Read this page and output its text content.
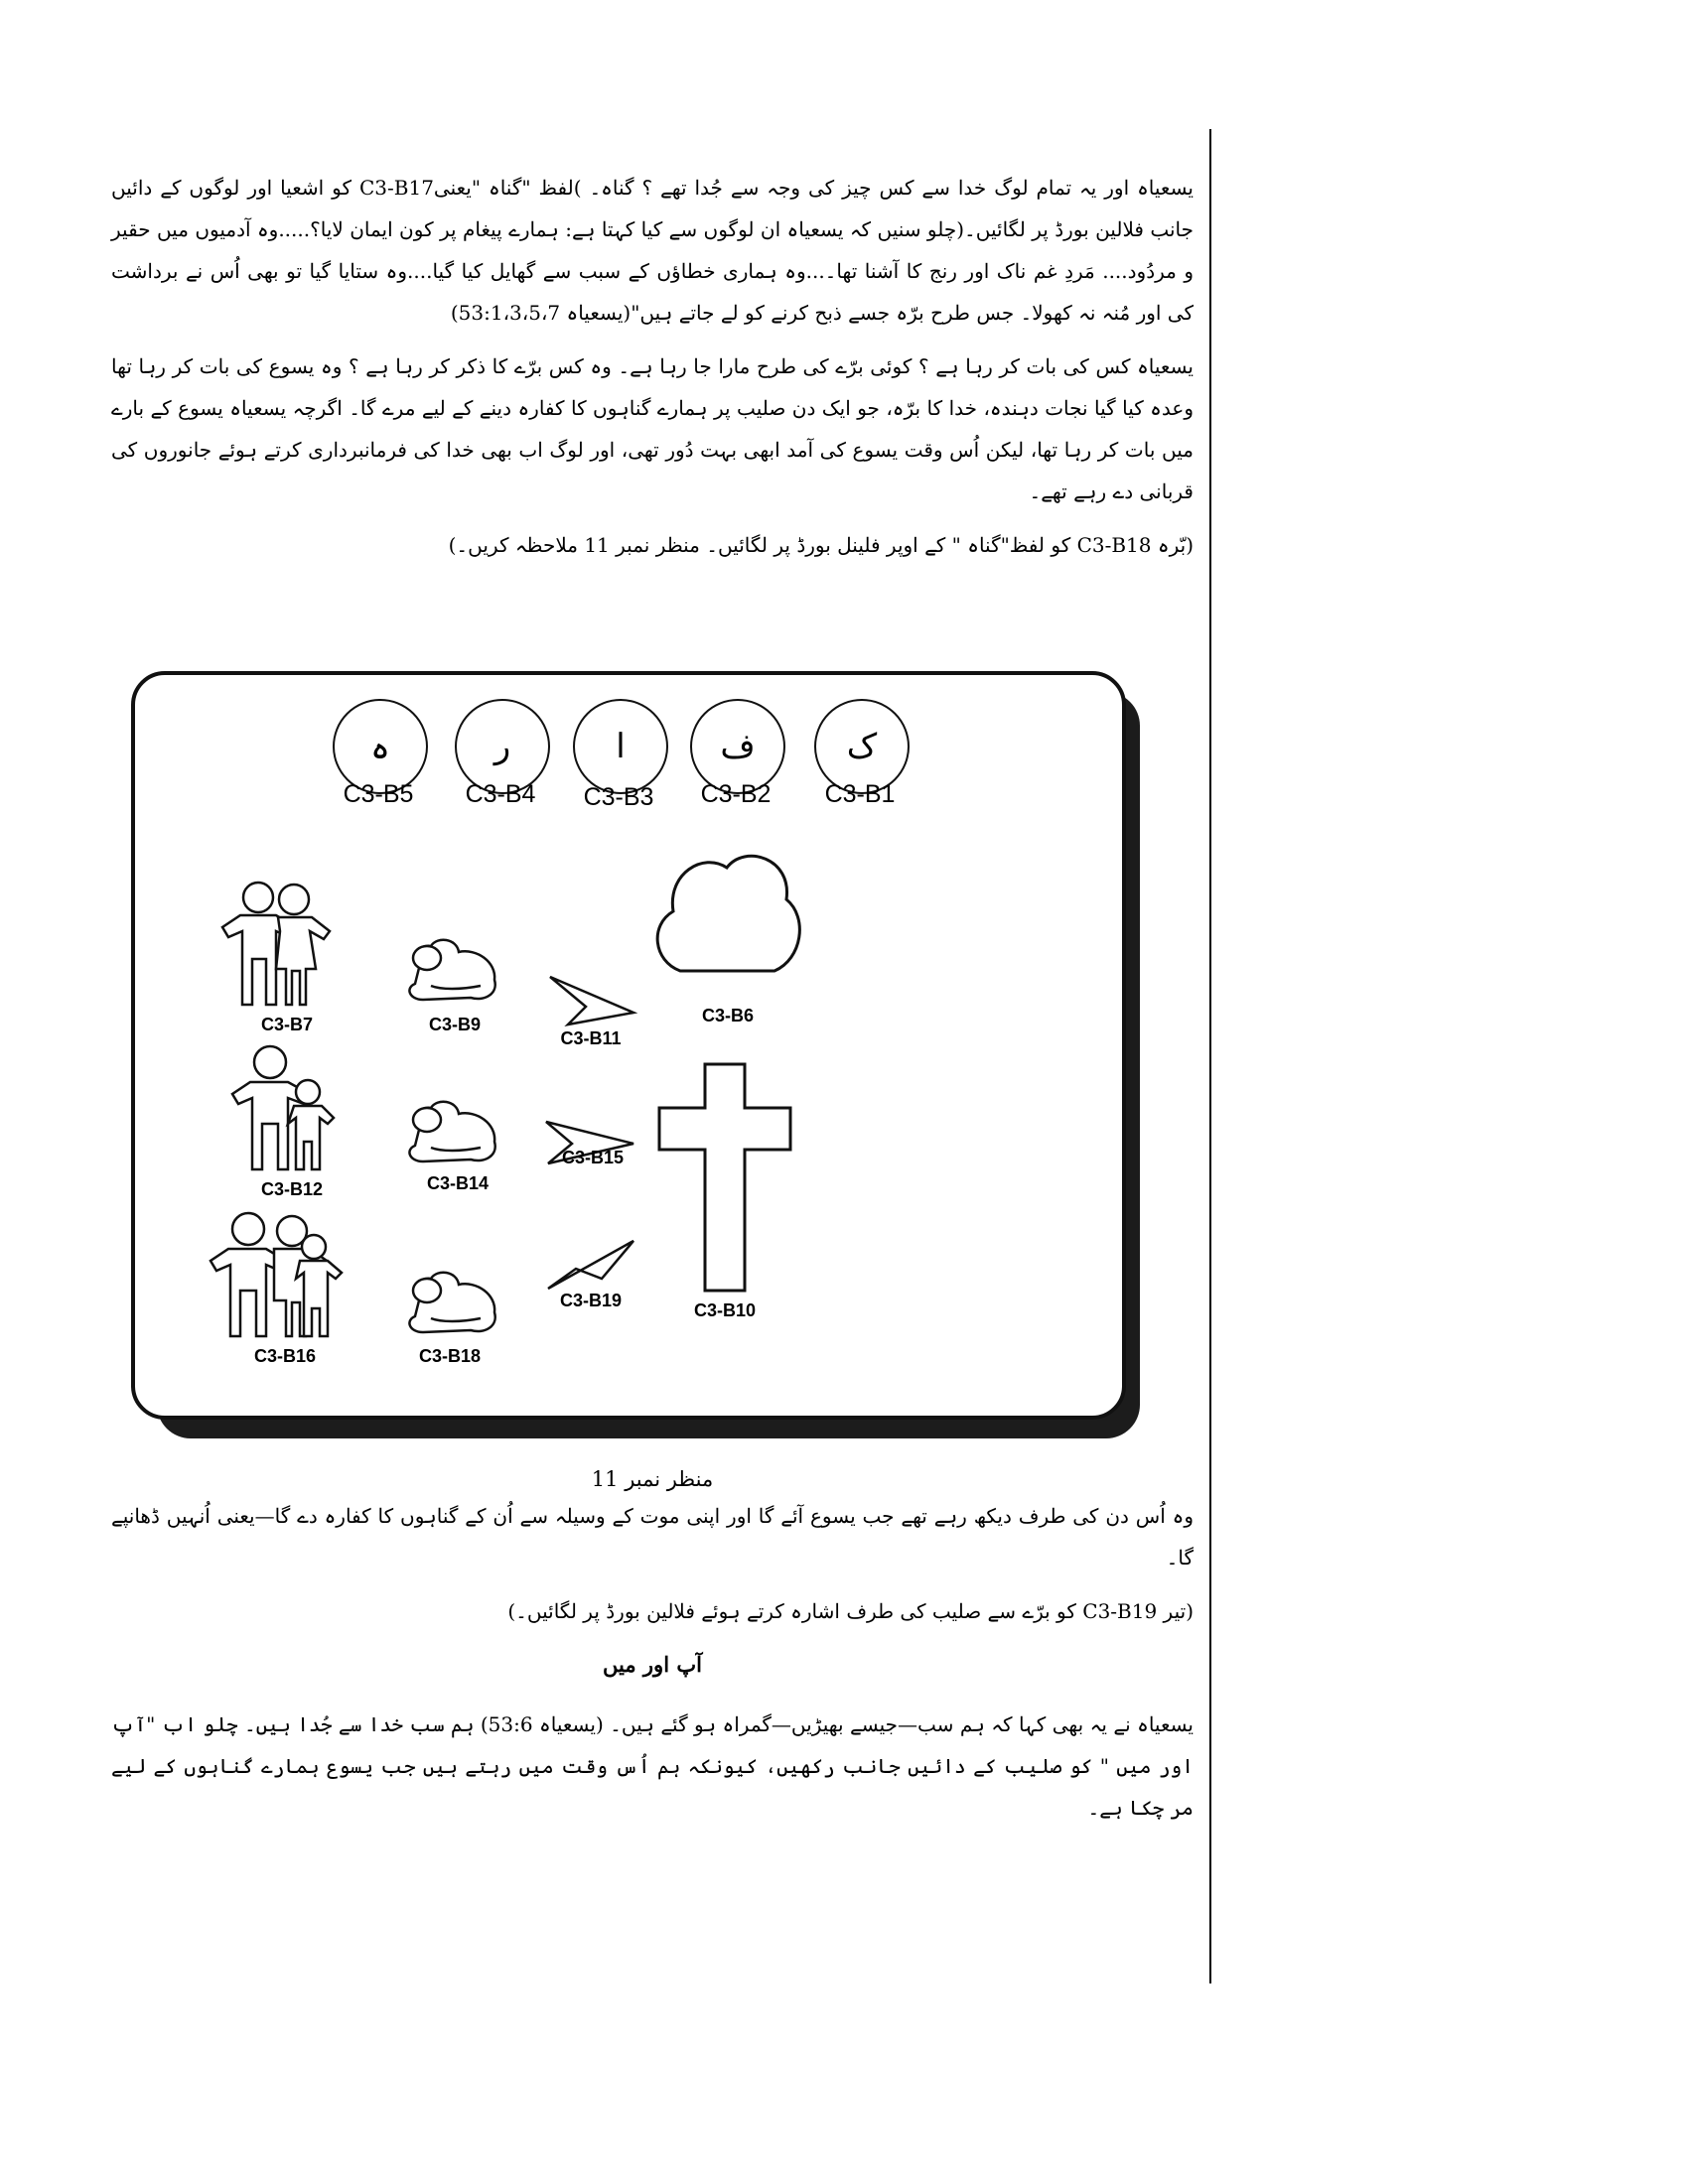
یسعیاہ اور یہ تمام لوگ خدا سے کس چیز کی وجہ سے جُدا تھے ؟ گناہ۔ )لفظ "گناہ "یعنیC3-B17 کو اشعیا اور لوگوں کے دائیں جانب فلالین بورڈ پر لگائیں۔(چلو سنیں کہ یسعیاہ ان لوگوں سے کیا کہتا ہے: ہمارے پیغام پر کون ایمان لایا؟.....وہ آدمیوں میں حقیر و مردُود.... مَردِ غم ناک اور رنج کا آشنا تھا۔...وہ ہماری خطاؤں کے سبب سے گھایل کیا گیا....وہ ستایا گیا تو بھی اُس نے برداشت کی اور مُنہ نہ کھولا۔ جس طرح برّہ جسے ذبح کرنے کو لے جاتے ہیں"(یسعیاہ 53:1،3،5،7)

یسعیاہ کس کی بات کر رہا ہے ؟ کوئی برّے کی طرح مارا جا رہا ہے۔ وہ کس برّے کا ذکر کر رہا ہے ؟ وہ یسوع کی بات کر رہا تھا وعدہ کیا گیا نجات دہندہ، خدا کا برّہ، جو ایک دن صلیب پر ہمارے گناہوں کا کفارہ دینے کے لیے مرے گا۔ اگرچہ یسعیاہ یسوع کے بارے میں بات کر رہا تھا، لیکن اُس وقت یسوع کی آمد ابھی بہت دُور تھی، اور لوگ اب بھی خدا کی فرمانبرداری کرتے ہوئے جانوروں کی قربانی دے رہے تھے۔

(بّرہ C3-B18 کو لفظ"گناہ " کے اوپر فلینل بورڈ پر لگائیں۔ منظر نمبر 11 ملاحظہ کریں۔)

ک
ف
ا
ر
ہ
C3-B1
C3-B2
C3-B3
C3-B4
C3-B5
C3-B6
C3-B10
C3-B7	C3-B9
C3-B11
C3-B12	C3-B14
C3-B15
C3-B16	C3-B18
C3-B19
منظر نمبر 11

وہ اُس دن کی طرف دیکھ رہے تھے جب یسوع آئے گا اور اپنی موت کے وسیلہ سے اُن کے گناہوں کا کفارہ دے گا—یعنی اُنہیں ڈھانپے گا۔

(تیر C3-B19 کو برّے سے صلیب کی طرف اشارہ کرتے ہوئے فلالین بورڈ پر لگائیں۔)

آپ اور میں

یسعیاہ نے یہ بھی کہا کہ ہم سب—جیسے بھیڑیں—گمراہ ہو گئے ہیں۔ (یسعیاہ 53:6) ہم سب خدا سے جُدا ہیں۔ چلو اب "آپ اور میں " کو صلیب کے دائیں جانب رکھیں، کیونکہ ہم اُس وقت میں رہتے ہیں جب یسوع ہمارے گناہوں کے لیے مر چکا ہے۔
